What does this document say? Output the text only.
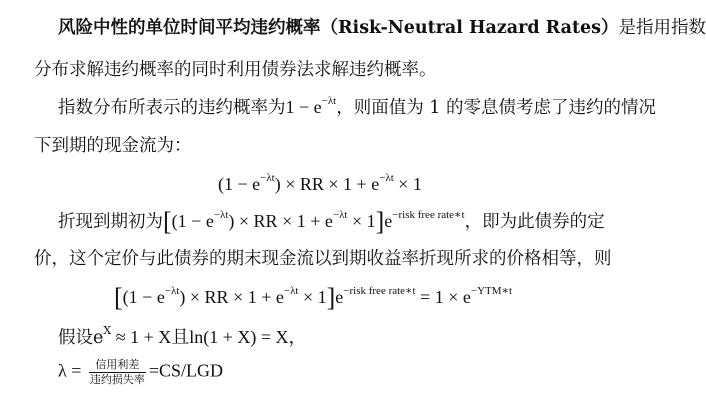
风险中性的单位时间平均违约概率（Risk-Neutral Hazard Rates）是指用指数
分布求解违约概率的同时利用债券法求解违约概率。
指数分布所表示的违约概率为$1 - e^{-\lambda t}$，则面值为 1 的零息债考虑了违约的情况
下到期的现金流为：
$(1 - e^{-\lambda t})$ × RR × $1 + e^{-\lambda t} \times 1$
折现到期初为[$(1 - e^{-\lambda t})$ × RR × $1 + e^{-\lambda t} \times 1]e^{-risk free rate∗t}$，即为此债券的定
价，这个定价与此债券的期末现金流以到期收益率折现所求的价格相等，则
[$(1 - e^{-\lambda t})$ × RR × $1 + e^{-\lambda t} \times 1]e^{-risk free rate∗t} = 1 \times e^{-YTM∗t}$
假设$e^X \approx 1 + X$且ln(1 + X) = X，
$\lambda = \frac{\text{信用利差}}{\text{违约损失率}} =CS/LGD$
